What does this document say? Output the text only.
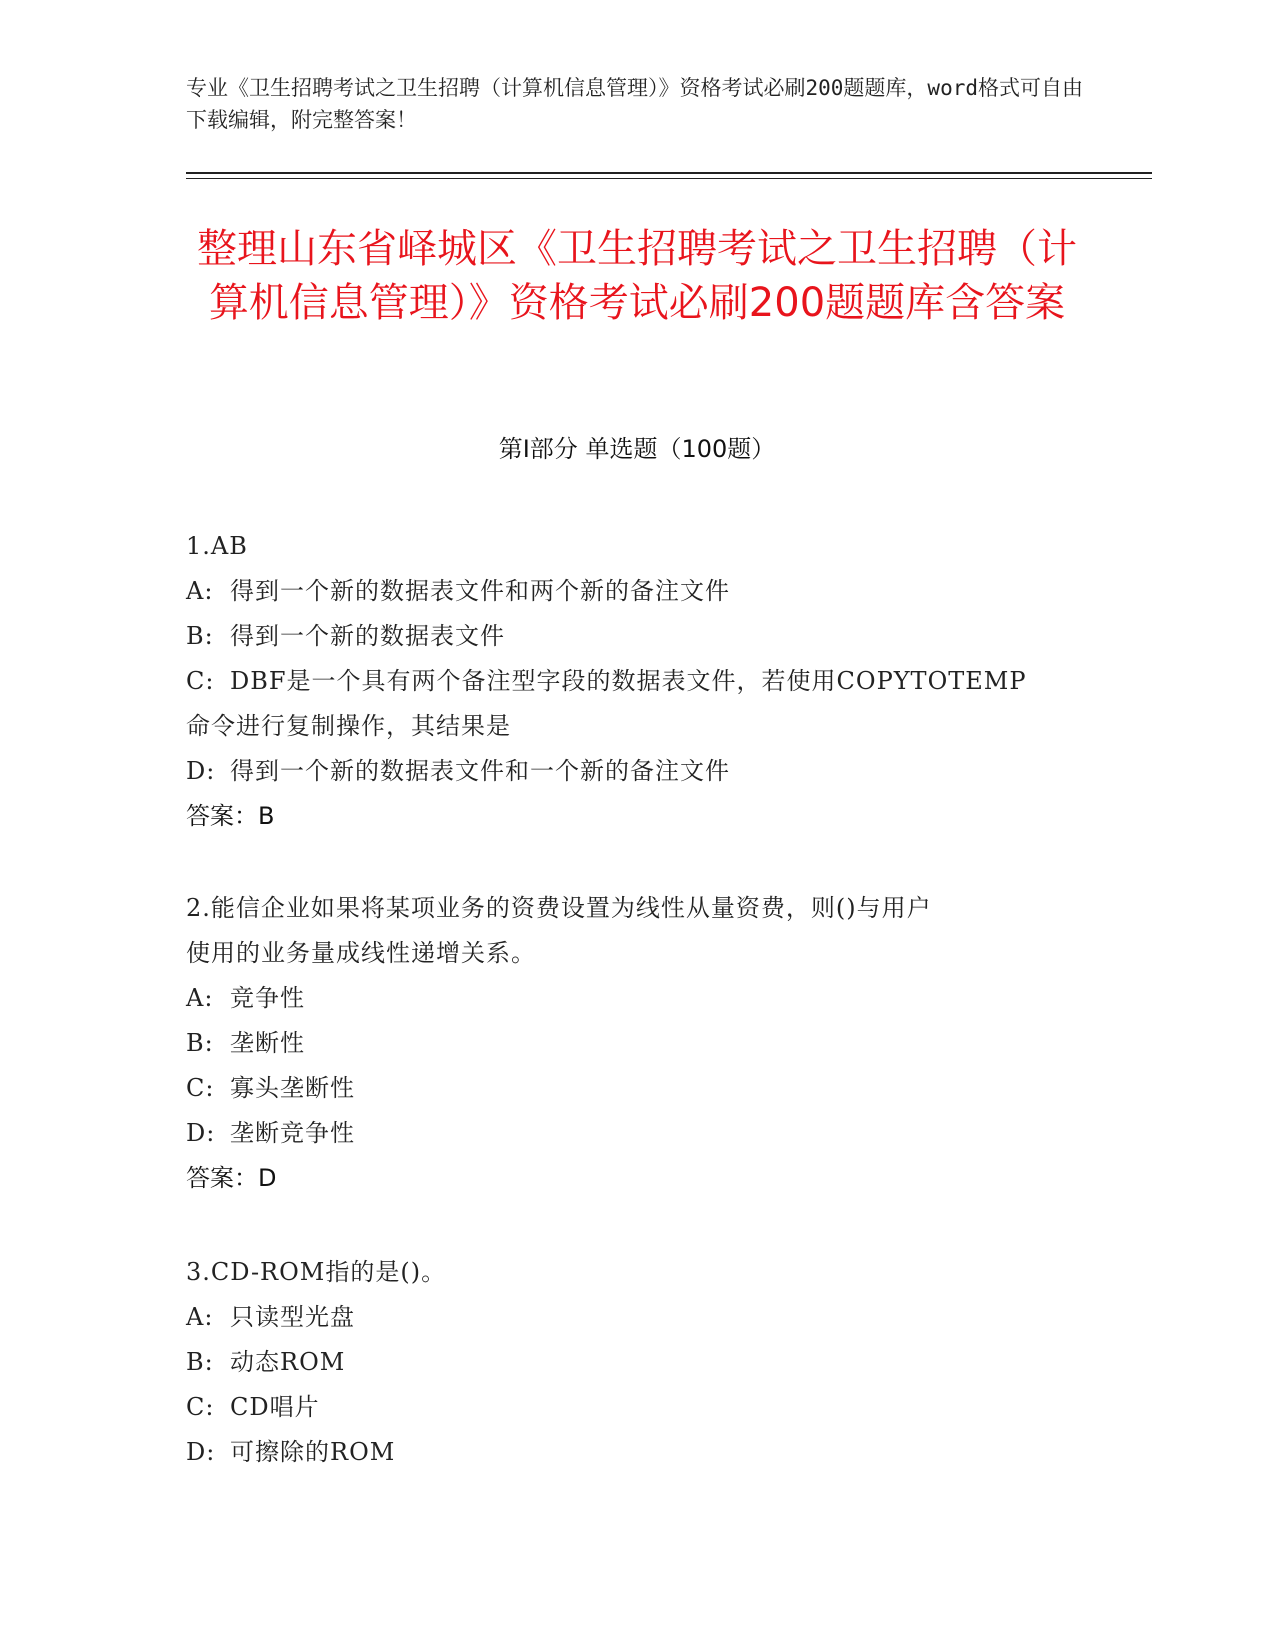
专业《卫生招聘考试之卫生招聘（计算机信息管理）》资格考试必刷200题题库，word格式可自由下载编辑，附完整答案！
整理山东省峄城区《卫生招聘考试之卫生招聘（计算机信息管理）》资格考试必刷200题题库含答案
第I部分 单选题（100题）
1.AB
A: 得到一个新的数据表文件和两个新的备注文件
B: 得到一个新的数据表文件
C: DBF是一个具有两个备注型字段的数据表文件，若使用COPYTOTEMP
命令进行复制操作，其结果是
D: 得到一个新的数据表文件和一个新的备注文件
答案：B
2.能信企业如果将某项业务的资费设置为线性从量资费，则()与用户
使用的业务量成线性递增关系。
A: 竞争性
B: 垄断性
C: 寡头垄断性
D: 垄断竞争性
答案：D
3.CD-ROM指的是()。
A: 只读型光盘
B: 动态ROM
C: CD唱片
D: 可擦除的ROM
